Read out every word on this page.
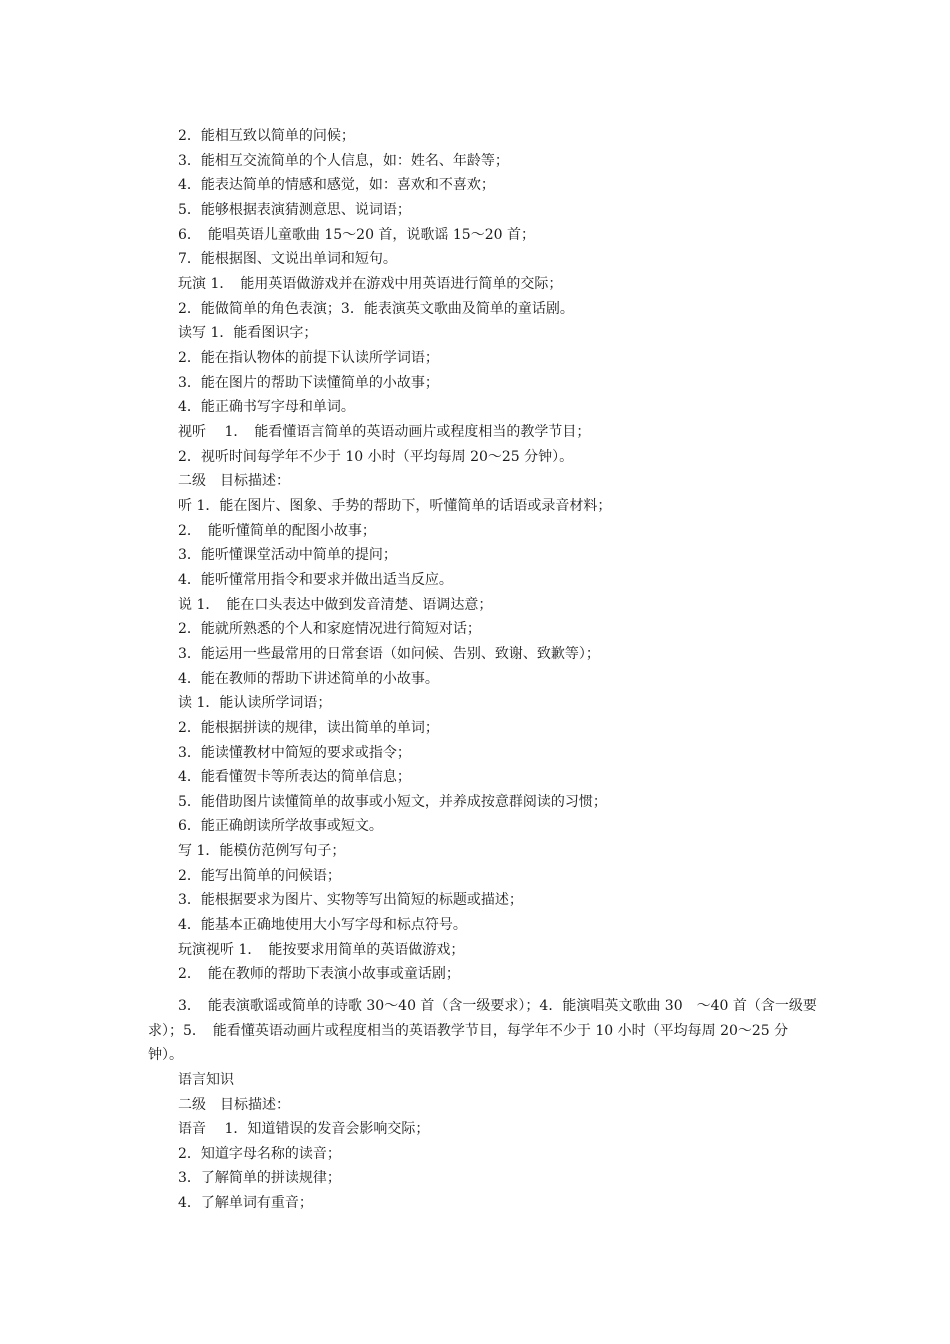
2．能相互致以简单的问候；
3．能相互交流简单的个人信息，如：姓名、年龄等；
4．能表达简单的情感和感觉，如：喜欢和不喜欢；
5．能够根据表演猜测意思、说词语；
6．　能唱英语儿童歌曲 15～20 首，说歌谣 15～20 首；
7．能根据图、文说出单词和短句。
玩演 1．　能用英语做游戏并在游戏中用英语进行简单的交际；
2．能做简单的角色表演；3．能表演英文歌曲及简单的童话剧。
读写 1．能看图识字；
2．能在指认物体的前提下认读所学词语；
3．能在图片的帮助下读懂简单的小故事；
4．能正确书写字母和单词。
视听　 1．　能看懂语言简单的英语动画片或程度相当的教学节目；
2．视听时间每学年不少于 10 小时（平均每周 20～25 分钟）。
二级　目标描述：
听 1．能在图片、图象、手势的帮助下，听懂简单的话语或录音材料；
2．　能听懂简单的配图小故事；
3．能听懂课堂活动中简单的提问；
4．能听懂常用指令和要求并做出适当反应。
说 1．　能在口头表达中做到发音清楚、语调达意；
2．能就所熟悉的个人和家庭情况进行简短对话；
3．能运用一些最常用的日常套语（如问候、告别、致谢、致歉等）；
4．能在教师的帮助下讲述简单的小故事。
读 1．能认读所学词语；
2．能根据拼读的规律，读出简单的单词；
3．能读懂教材中简短的要求或指令；
4．能看懂贺卡等所表达的简单信息；
5．能借助图片读懂简单的故事或小短文，并养成按意群阅读的习惯；
6．能正确朗读所学故事或短文。
写 1．能模仿范例写句子；
2．能写出简单的问候语；
3．能根据要求为图片、实物等写出简短的标题或描述；
4．能基本正确地使用大小写字母和标点符号。
玩演视听 1．　能按要求用简单的英语做游戏；
2．　能在教师的帮助下表演小故事或童话剧；
3．　能表演歌谣或简单的诗歌 30～40 首（含一级要求）；4．能演唱英文歌曲 30　～40 首（含一级要求）；5．　能看懂英语动画片或程度相当的英语教学节目，每学年不少于 10 小时（平均每周 20～25 分钟）。
语言知识
二级　目标描述：
语音　 1．知道错误的发音会影响交际；
2．知道字母名称的读音；
3．了解简单的拼读规律；
4．了解单词有重音；
